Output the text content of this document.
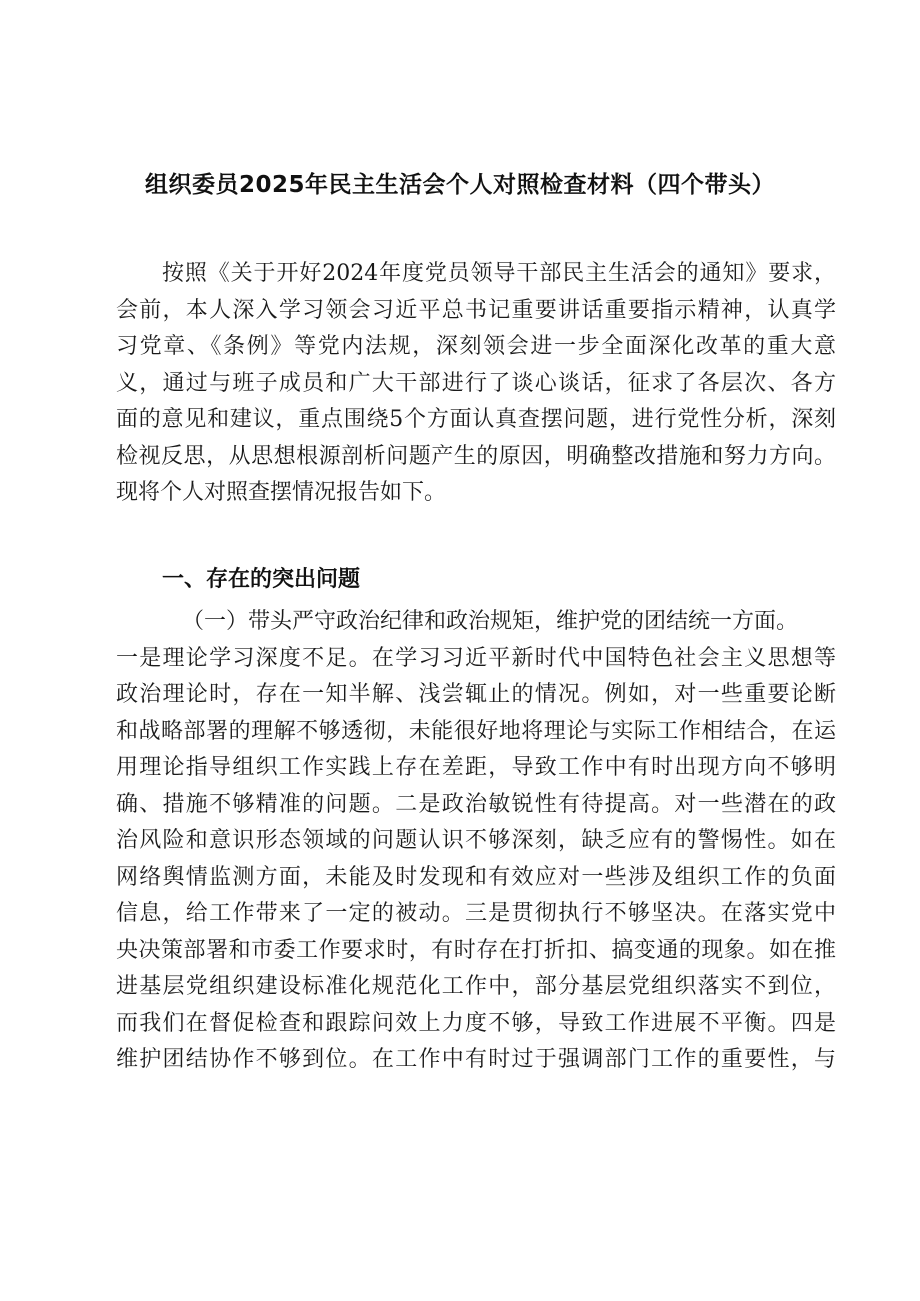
组织委员2025年民主生活会个人对照检查材料（四个带头）
按照《关于开好2024年度党员领导干部民主生活会的通知》要求，
会前，本人深入学习领会习近平总书记重要讲话重要指示精神，认真学
习党章、《条例》等党内法规，深刻领会进一步全面深化改革的重大意
义，通过与班子成员和广大干部进行了谈心谈话，征求了各层次、各方
面的意见和建议，重点围绕5个方面认真查摆问题，进行党性分析，深刻
检视反思，从思想根源剖析问题产生的原因，明确整改措施和努力方向。
现将个人对照查摆情况报告如下。
一、存在的突出问题
（一）带头严守政治纪律和政治规矩，维护党的团结统一方面。
一是理论学习深度不足。在学习习近平新时代中国特色社会主义思想等
政治理论时，存在一知半解、浅尝辄止的情况。例如，对一些重要论断
和战略部署的理解不够透彻，未能很好地将理论与实际工作相结合，在运
用理论指导组织工作实践上存在差距，导致工作中有时出现方向不够明
确、措施不够精准的问题。二是政治敏锐性有待提高。对一些潜在的政
治风险和意识形态领域的问题认识不够深刻，缺乏应有的警惕性。如在
网络舆情监测方面，未能及时发现和有效应对一些涉及组织工作的负面
信息，给工作带来了一定的被动。三是贯彻执行不够坚决。在落实党中
央决策部署和市委工作要求时，有时存在打折扣、搞变通的现象。如在推
进基层党组织建设标准化规范化工作中，部分基层党组织落实不到位，
而我们在督促检查和跟踪问效上力度不够，导致工作进展不平衡。四是
维护团结协作不够到位。在工作中有时过于强调部门工作的重要性，与
